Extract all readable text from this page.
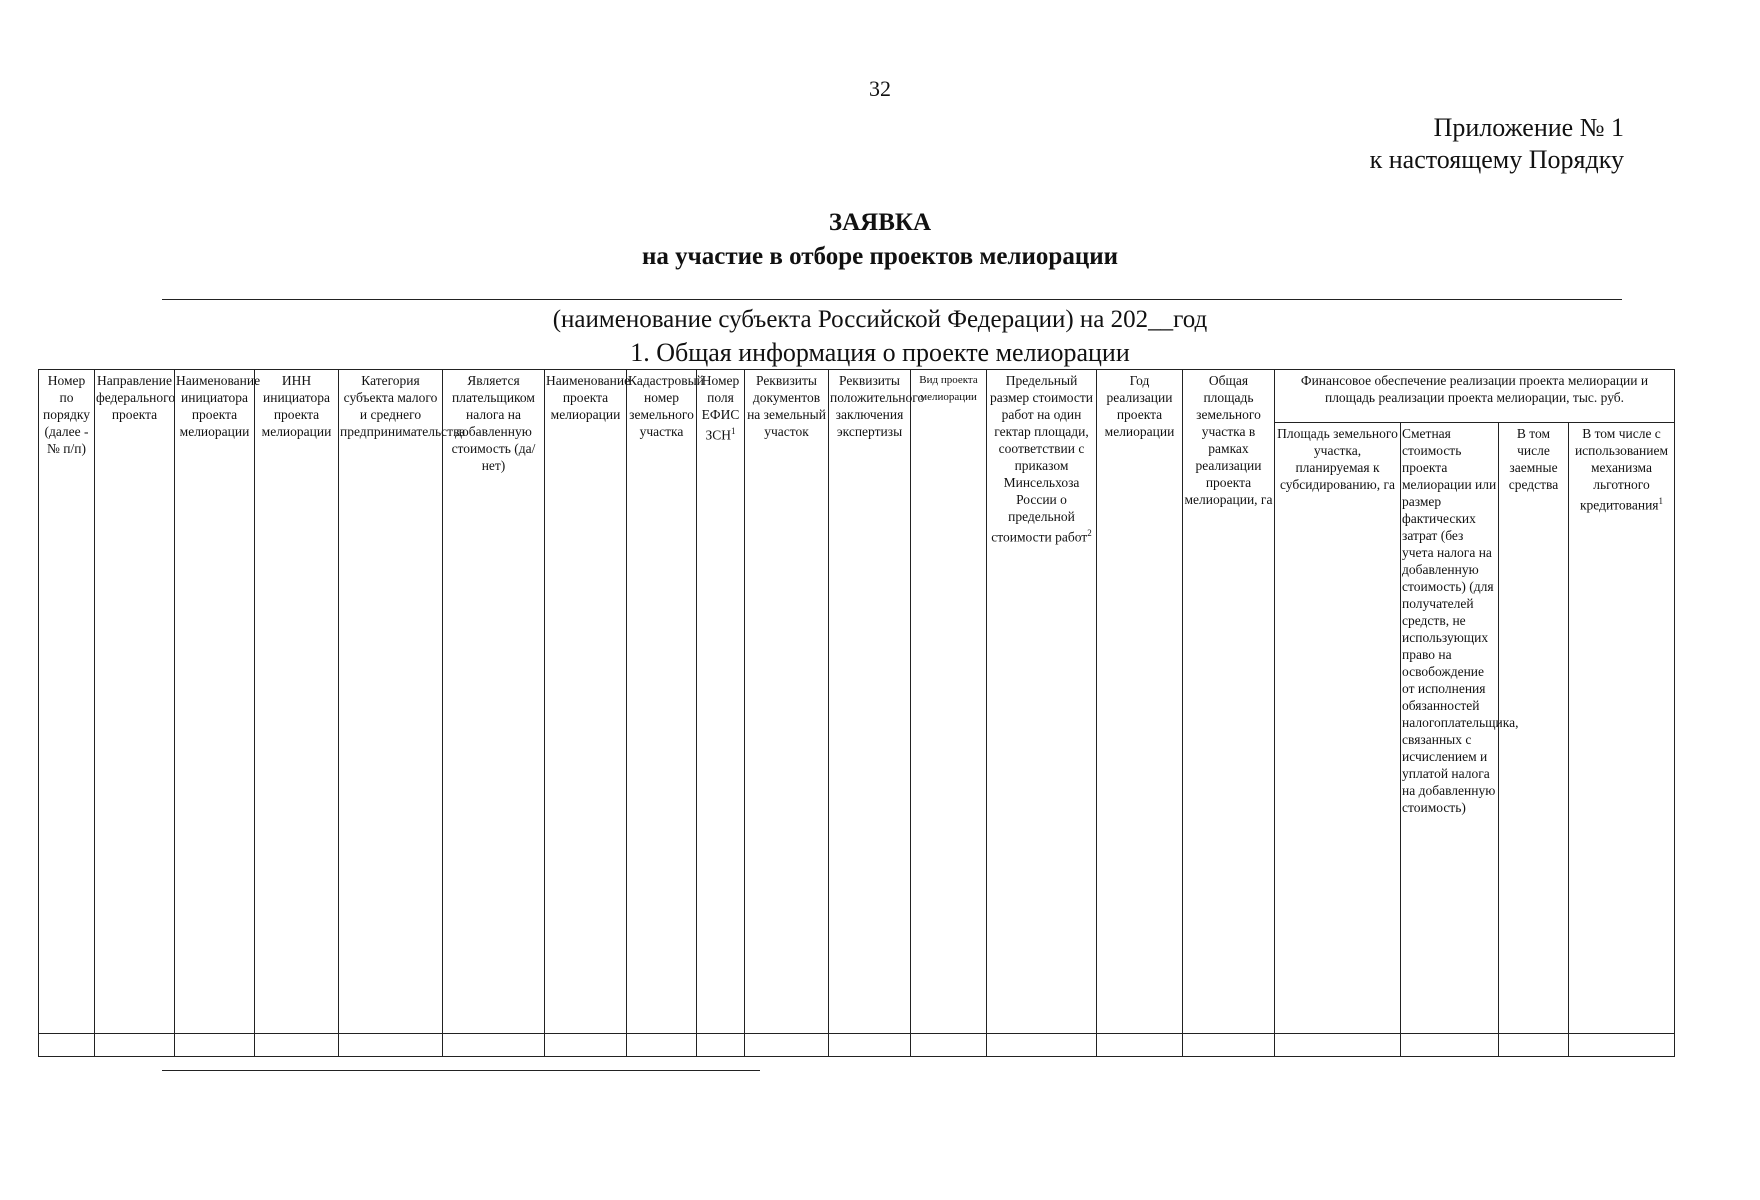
32
Приложение № 1
к настоящему Порядку
ЗАЯВКА
на участие в отборе проектов мелиорации
(наименование субъекта Российской Федерации) на 202__год
1. Общая информация о проекте мелиорации
Номер по порядку (далее - № п/п)	Направление федерального проекта	Наименование инициатора проекта мелиорации	ИНН инициатора проекта мелиорации	Категория субъекта малого и среднего предпринимательства	Является плательщиком налога на добавленную стоимость (да/нет)	Наименование проекта мелиорации	Кадастровый номер земельного участка	Номер поля ЕФИС ЗСН$^1$	Реквизиты документов на земельный участок	Реквизиты положительного заключения экспертизы	Вид проекта мелиорации	Предельный размер стоимости работ на один гектар площади, соответствии с приказом Минсельхоза России о предельной стоимости работ$^2$	Год реализации проекта мелиорации	Общая площадь земельного участка в рамках реализации проекта мелиорации, га	Финансовое обеспечение реализации проекта мелиорации и площадь реализации проекта мелиорации, тыс. руб.			
															Площадь земельного участка, планируемая к субсидированию, га	Сметная стоимость проекта мелиорации или размер фактических затрат (без учета налога на добавленную стоимость) (для получателей средств, не использующих право на освобождение от исполнения обязанностей налогоплательщика, связанных с исчислением и уплатой налога на добавленную стоимость)	В том числе заемные средства	В том числе с использованием механизма льготного кредитования$^1$
